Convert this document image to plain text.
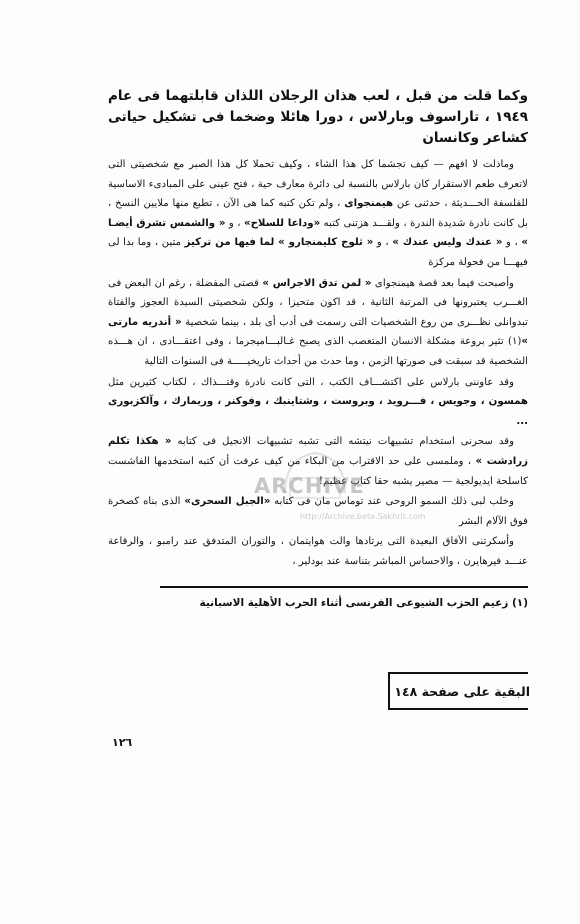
وكما قلت من قبل ، لعب هذان الرجلان اللذان قابلتهما فى عام ١٩٤٩ ، تاراسوف وبارلاس ، دورا هائلا وضخما فى تشكيل حياتى كشاعر وكانسان

وماذلت لا افهم — كيف تجشما كل هذا الشاء ، وكيف تحملا كل هذا الصبر مع شخصيتى التى لاتعرف طعم الاستقرار كان بارلاس بالنسبة لى دائرة معارف حية ، فتح عينى على المبادىء الاساسية للفلسفة الحـــديثة ، حدثنى عن هيمنجواى ، ولم تكن كتبه كما هى الآن ، تطبع منها ملايين النسخ ، بل كانت نادرة شديدة الندرة ، ولقـــد هزتنى كتبه «وداعا للسلاح» ، و « والشمس تشرق أيضـا » ، و « عندك وليس عندك » ، و « ثلوج كليمنجارو » لما فيها من تركيز متين ، وما بدا لى فيهـــا من فحولة مركزة

وأصبحت فيما بعد قصة هيمنجواى « لمن تدق الاجراس » قصتى المفضلة ، رغم ان البعض فى الغـــرب يعتبرونها فى المرتبة الثانية ، قد اكون متحيزا ، ولكن شخصيتى السيدة العجوز والفتاة تبدوانلى نظـــرى من روع الشخصيات التى رسمت فى أدب أى بلد ، بينما شخصية « أندريه مارتى »(١) تثير بروعة مشكلة الانسان المتعصب الذى يصبح غـالبـــاميجرما ، وفى اعتقـــادى ، ان هـــذه الشخصية قد سبقت فى صورتها الزمن ، وما حدث من أحداث تاريخيـــــة فى السنوات التالية

وقد عاوننى بارلاس على اكتشـــاف الكتب ، التى كانت نادرة وقتـــذاك ، لكتاب كثيرين مثل همسون ، وجويس ، فـــرويد ، وبروست ، وشتاينبك ، وفوكنر ، وريمارك ، وآلكزبورى ...

وقد سحرنى استخدام تشبيهات نيتشه التى تشبه تشبيهات الانجيل فى كتابه « هكذا تكلم زرادشت » ، وملمسى على حد الاقتراب من البكاء من كيف عرفت أن كتبه استخدمها الفاشست كاسلحة ايديولجية — مصير يشبه حقا كتاب عظيم!

وخلب لبى ذلك السمو الروحى عند توماس مان فى كتابه «الجبل السحرى» الذى بناه كصخرة فوق الآلام البشر

وأسكرتنى الآفاق البعيدة التى يرتادها والت هوايتمان ، والتوران المتدفق عند رامبو ، والرقاعة عنـــد فيرهايرن ، والاحساس المباشر بتناسة عند بودلير ،

(١) زعيم الحزب الشيوعى الفرنسى أثناء الحرب الأهلية الاسبانية
البقية على صفحة ١٤٨
١٢٦
ARCHIVE
http://Archive.beta.Sakhrit.com
